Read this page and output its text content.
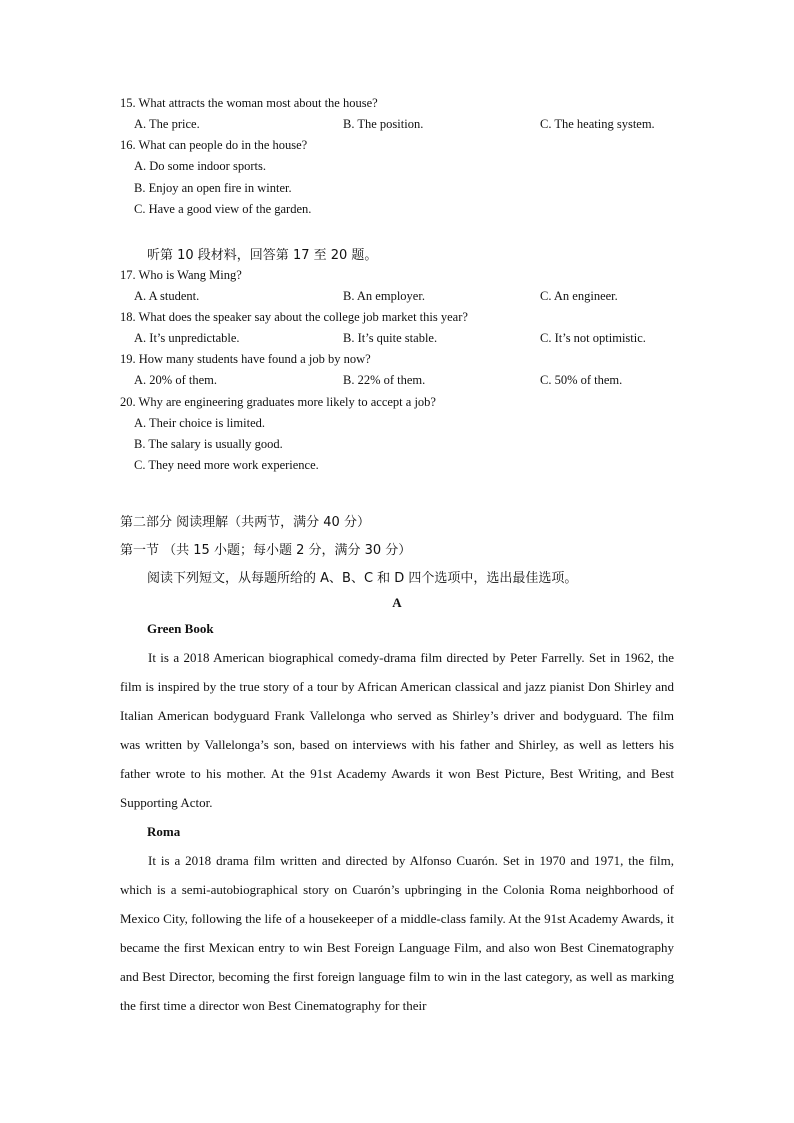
15. What attracts the woman most about the house?
A. The price.	B. The position.	C. The heating system.
16. What can people do in the house?
A. Do some indoor sports.
B. Enjoy an open fire in winter.
C. Have a good view of the garden.
听第 10 段材料，回答第 17 至 20 题。
17. Who is Wang Ming?
A. A student.	B. An employer.	C. An engineer.
18. What does the speaker say about the college job market this year?
A. It’s unpredictable.	B. It’s quite stable.	C. It’s not optimistic.
19. How many students have found a job by now?
A. 20% of them.	B. 22% of them.	C. 50% of them.
20. Why are engineering graduates more likely to accept a job?
A. Their choice is limited.
B. The salary is usually good.
C. They need more work experience.
第二部分 阅读理解（共两节，满分 40 分）
第一节 （共 15 小题；每小题 2 分，满分 30 分）
阅读下列短文，从每题所给的 A、B、C 和 D 四个选项中，选出最佳选项。
A
Green Book

It is a 2018 American biographical comedy-drama film directed by Peter Farrelly. Set in 1962, the film is inspired by the true story of a tour by African American classical and jazz pianist Don Shirley and Italian American bodyguard Frank Vallelonga who served as Shirley’s driver and bodyguard. The film was written by Vallelonga’s son, based on interviews with his father and Shirley, as well as letters his father wrote to his mother. At the 91st Academy Awards it won Best Picture, Best Writing, and Best Supporting Actor.

Roma

It is a 2018 drama film written and directed by Alfonso Cuarón. Set in 1970 and 1971, the film, which is a semi-autobiographical story on Cuarón’s upbringing in the Colonia Roma neighborhood of Mexico City, following the life of a housekeeper of a middle-class family. At the 91st Academy Awards, it became the first Mexican entry to win Best Foreign Language Film, and also won Best Cinematography and Best Director, becoming the first foreign language film to win in the last category, as well as marking the first time a director won Best Cinematography for their
